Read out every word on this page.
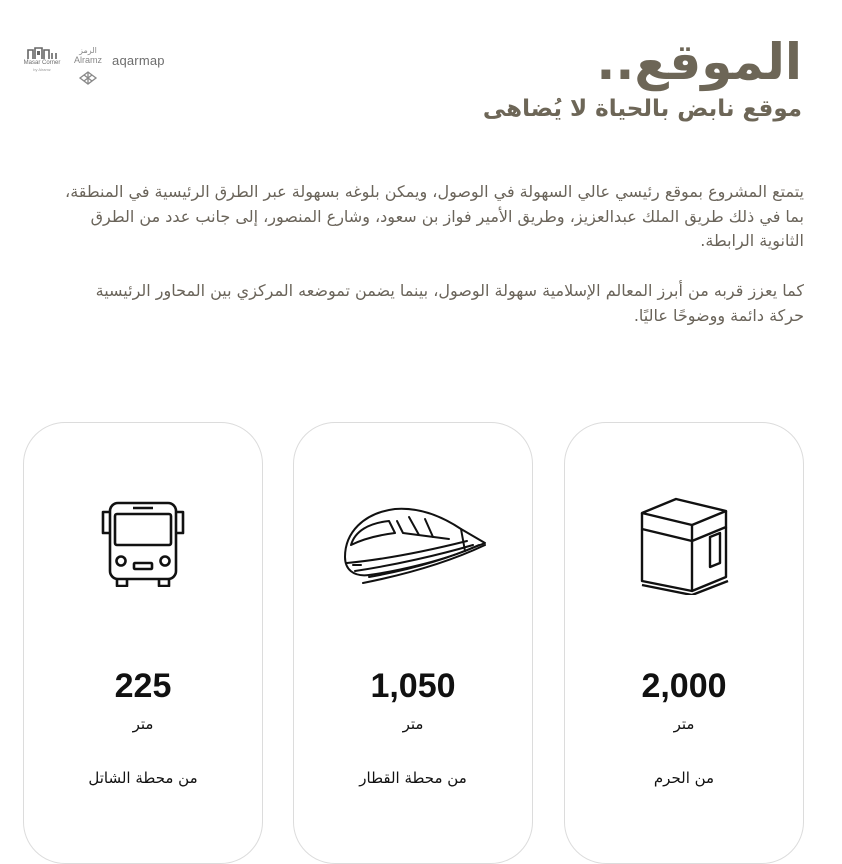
Masar Corner
by Alramz
الرمز
Alramz aqarmap	الموقع..
موقع نابض بالحياة لا يُضاهى

يتمتع المشروع بموقع رئيسي عالي السهولة في الوصول، ويمكن بلوغه بسهولة عبر الطرق الرئيسية في المنطقة، بما في ذلك طريق الملك عبدالعزيز، وطريق الأمير فواز بن سعود، وشارع المنصور، إلى جانب عدد من الطرق الثانوية الرابطة.

كما يعزز قربه من أبرز المعالم الإسلامية سهولة الوصول، بينما يضمن تموضعه المركزي بين المحاور الرئيسية حركة دائمة ووضوحًا عاليًا.

225
متر
من محطة الشاتل
1,050
متر
من محطة القطار
2,000
متر
من الحرم
